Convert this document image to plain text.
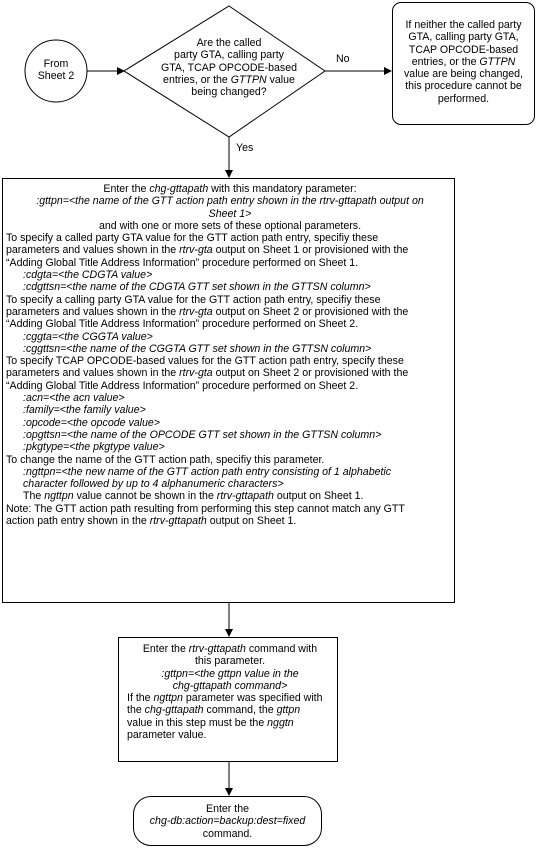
From
Sheet 2
Are the called
party GTA, calling party
GTA, TCAP OPCODE-based
entries, or the GTTPN value
being changed?
No
Yes
If neither the called party
GTA, calling party GTA,
TCAP OPCODE-based
entries, or the GTTPN
value are being changed,
this procedure cannot be
performed.
Enter the chg-gttapath with this mandatory parameter:
:gttpn=<the name of the GTT action path entry shown in the rtrv-gttapath output on
Sheet 1>
and with one or more sets of these optional parameters.
To specify a called party GTA value for the GTT action path entry, specifiy these
parameters and values shown in the rtrv-gta output on Sheet 1 or provisioned with the
“Adding Global Title Address Information” procedure performed on Sheet 1.
:cdgta=<the CDGTA value>
:cdgttsn=<the name of the CDGTA GTT set shown in the GTTSN column>
To specify a calling party GTA value for the GTT action path entry, specifiy these
parameters and values shown in the rtrv-gta output on Sheet 2 or provisioned with the
“Adding Global Title Address Information” procedure performed on Sheet 2.
:cggta=<the CGGTA value>
:cggttsn=<the name of the CGGTA GTT set shown in the GTTSN column>
To specify TCAP OPCODE-based values for the GTT action path entry, specify these
parameters and values shown in the rtrv-gta output on Sheet 2 or provisioned with the
“Adding Global Title Address Information” procedure performed on Sheet 2.
:acn=<the acn value>
:family=<the family value>
:opcode=<the opcode value>
:opgttsn=<the name of the OPCODE GTT set shown in the GTTSN column>
:pkgtype=<the pkgtype value>
To change the name of the GTT action path, specifiy this parameter.
:ngttpn=<the new name of the GTT action path entry consisting of 1 alphabetic
character followed by up to 4 alphanumeric characters>
The ngttpn value cannot be shown in the rtrv-gttapath output on Sheet 1.
Note: The GTT action path resulting from performing this step cannot match any GTT
action path entry shown in the rtrv-gttapath output on Sheet 1.
Enter the rtrv-gttapath command with
this parameter.
:gttpn=<the gttpn value in the
chg-gttapath command>
If the ngttpn parameter was specified with
the chg-gttapath command, the gttpn
value in this step must be the nggtn
parameter value.
Enter the
chg-db:action=backup:dest=fixed
command.
